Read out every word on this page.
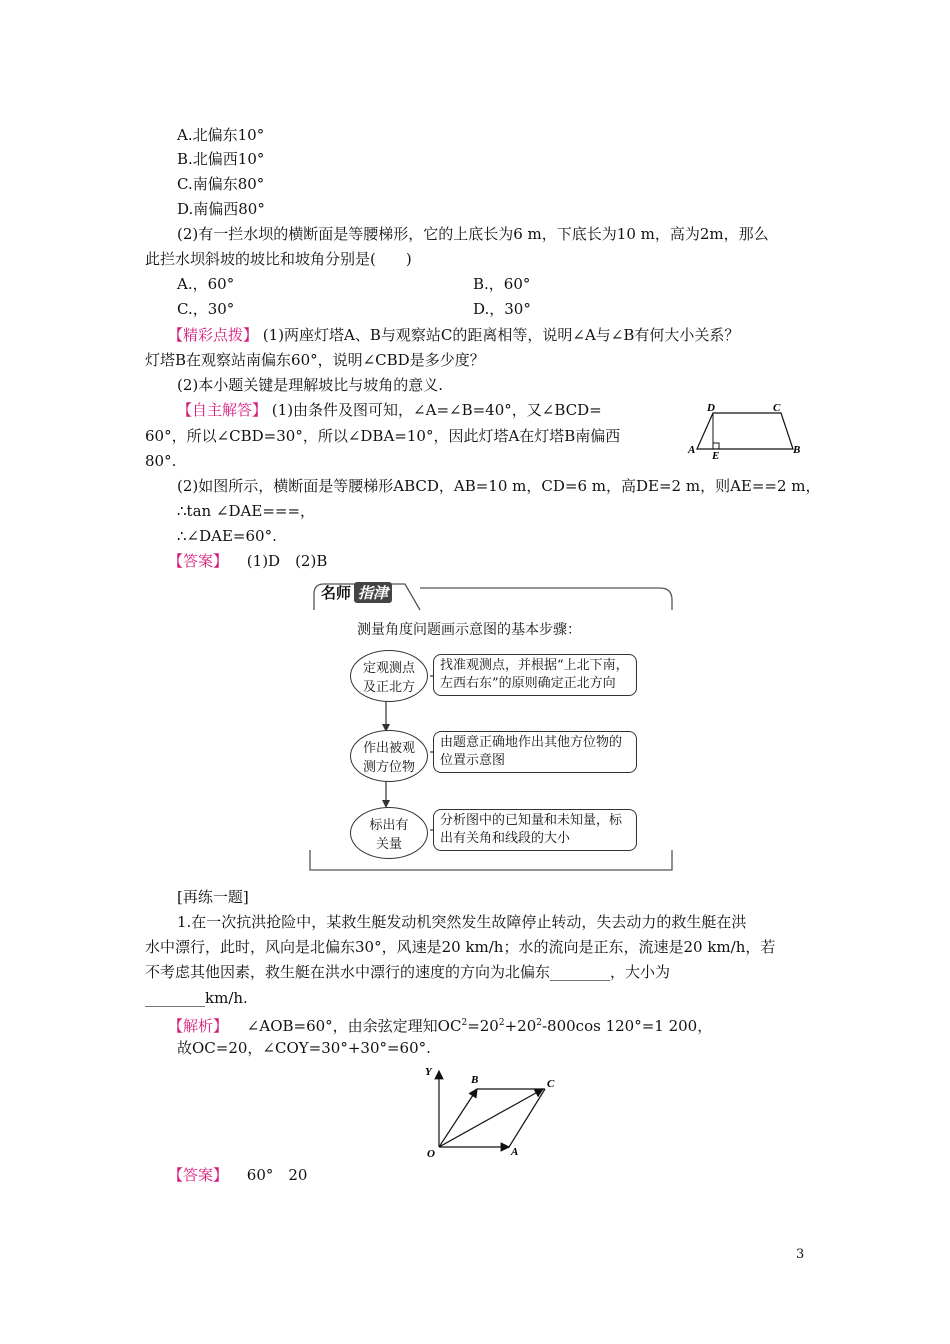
A.北偏东10°
B.北偏西10°
C.南偏东80°
D.南偏西80°
(2)有一拦水坝的横断面是等腰梯形，它的上底长为6 m，下底长为10 m，高为2m，那么
此拦水坝斜坡的坡比和坡角分别是(　　)
A.，60°	B.，60°
C.，30°	D.，30°
【精彩点拨】 (1)两座灯塔A、B与观察站C的距离相等，说明∠A与∠B有何大小关系？
灯塔B在观察站南偏东60°，说明∠CBD是多少度？
(2)本小题关键是理解坡比与坡角的意义.
【自主解答】 (1)由条件及图可知，∠A=∠B=40°，又∠BCD=
60°，所以∠CBD=30°，所以∠DBA=10°，因此灯塔A在灯塔B南偏西
80°.
D	C
A E	B
(2)如图所示，横断面是等腰梯形ABCD，AB=10 m，CD=6 m，高DE=2 m，则AE==2 m，
∴tan ∠DAE===，
∴∠DAE=60°.
【答案】 (1)D　(2)B
名师 指津
测量角度问题画示意图的基本步骤：
定观测点
及正北方
找准观测点，并根据“上北下南，
左西右东”的原则确定正北方向
作出被观
测方位物
由题意正确地作出其他方位物的
位置示意图
标出有
关量
分析图中的已知量和未知量，标
出有关角和线段的大小
[再练一题]
1.在一次抗洪抢险中，某救生艇发动机突然发生故障停止转动，失去动力的救生艇在洪
水中漂行，此时，风向是北偏东30°，风速是20 km/h；水的流向是正东，流速是20 km/h，若
不考虑其他因素，救生艇在洪水中漂行的速度的方向为北偏东________，大小为
________km/h.
【解析】 ∠AOB=60°，由余弦定理知$OC^2=20^2+20^2-800\cos$ 120°=1 200，
故OC=20，∠COY=30°+30°=60°.
Y
B	C
O	A
【答案】 60°　20
3
